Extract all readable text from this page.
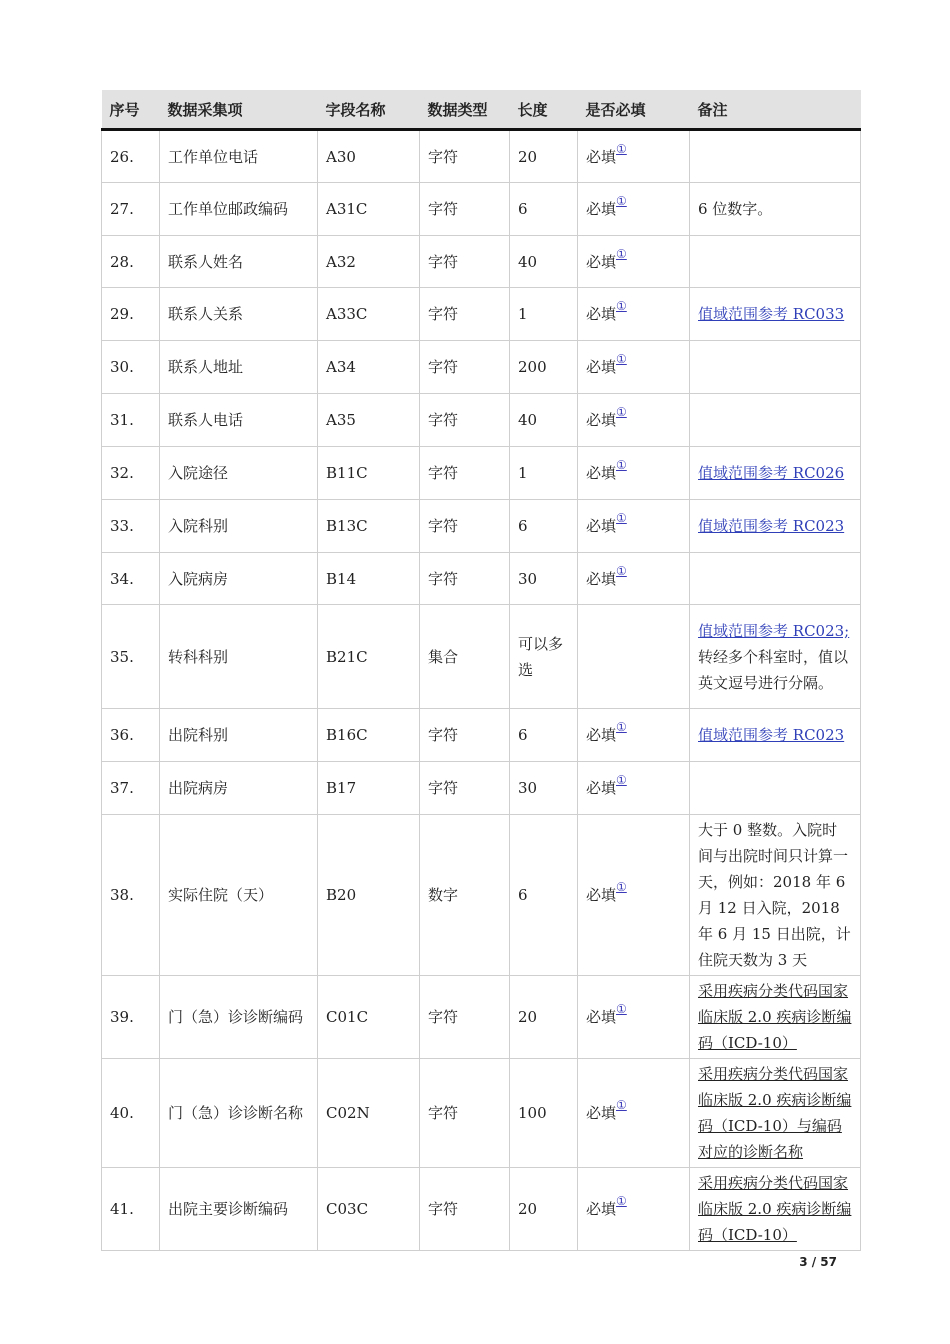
序号	数据采集项	字段名称	数据类型	长度	是否必填	备注
26.	工作单位电话	A30	字符	20	必填①	
27.	工作单位邮政编码	A31C	字符	6	必填①	6 位数字。
28.	联系人姓名	A32	字符	40	必填①	
29.	联系人关系	A33C	字符	1	必填①	值域范围参考 RC033
30.	联系人地址	A34	字符	200	必填①	
31.	联系人电话	A35	字符	40	必填①	
32.	入院途径	B11C	字符	1	必填①	值域范围参考 RC026
33.	入院科别	B13C	字符	6	必填①	值域范围参考 RC023
34.	入院病房	B14	字符	30	必填①	
35.	转科科别	B21C	集合	可以多选		值域范围参考 RC023;转经多个科室时，值以英文逗号进行分隔。
36.	出院科别	B16C	字符	6	必填①	值域范围参考 RC023
37.	出院病房	B17	字符	30	必填①	
38.	实际住院（天）	B20	数字	6	必填①	大于 0 整数。入院时间与出院时间只计算一天，例如：2018 年 6 月 12 日入院，2018 年 6 月 15 日出院，计住院天数为 3 天
39.	门（急）诊诊断编码	C01C	字符	20	必填①	采用疾病分类代码国家临床版 2.0 疾病诊断编码（ICD-10）
40.	门（急）诊诊断名称	C02N	字符	100	必填①	采用疾病分类代码国家临床版 2.0 疾病诊断编码（ICD-10）与编码对应的诊断名称
41.	出院主要诊断编码	C03C	字符	20	必填①	采用疾病分类代码国家临床版 2.0 疾病诊断编码（ICD-10）
3 / 57
